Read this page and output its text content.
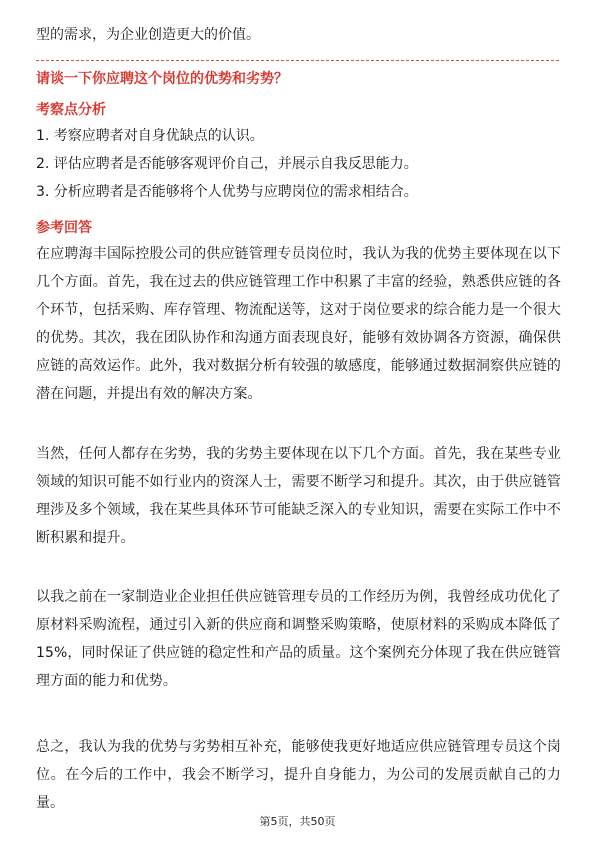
型的需求，为企业创造更大的价值。
请谈一下你应聘这个岗位的优势和劣势？
考察点分析
1. 考察应聘者对自身优缺点的认识。
2. 评估应聘者是否能够客观评价自己，并展示自我反思能力。
3. 分析应聘者是否能够将个人优势与应聘岗位的需求相结合。
参考回答

在应聘海丰国际控股公司的供应链管理专员岗位时，我认为我的优势主要体现在以下几个方面。首先，我在过去的供应链管理工作中积累了丰富的经验，熟悉供应链的各个环节，包括采购、库存管理、物流配送等，这对于岗位要求的综合能力是一个很大的优势。其次，我在团队协作和沟通方面表现良好，能够有效协调各方资源，确保供应链的高效运作。此外，我对数据分析有较强的敏感度，能够通过数据洞察供应链的潜在问题，并提出有效的解决方案。

当然，任何人都存在劣势，我的劣势主要体现在以下几个方面。首先，我在某些专业领域的知识可能不如行业内的资深人士，需要不断学习和提升。其次，由于供应链管理涉及多个领域，我在某些具体环节可能缺乏深入的专业知识，需要在实际工作中不断积累和提升。

以我之前在一家制造业企业担任供应链管理专员的工作经历为例，我曾经成功优化了原材料采购流程，通过引入新的供应商和调整采购策略，使原材料的采购成本降低了15%，同时保证了供应链的稳定性和产品的质量。这个案例充分体现了我在供应链管理方面的能力和优势。

总之，我认为我的优势与劣势相互补充，能够使我更好地适应供应链管理专员这个岗位。在今后的工作中，我会不断学习，提升自身能力，为公司的发展贡献自己的力量。

第5页，共50页
